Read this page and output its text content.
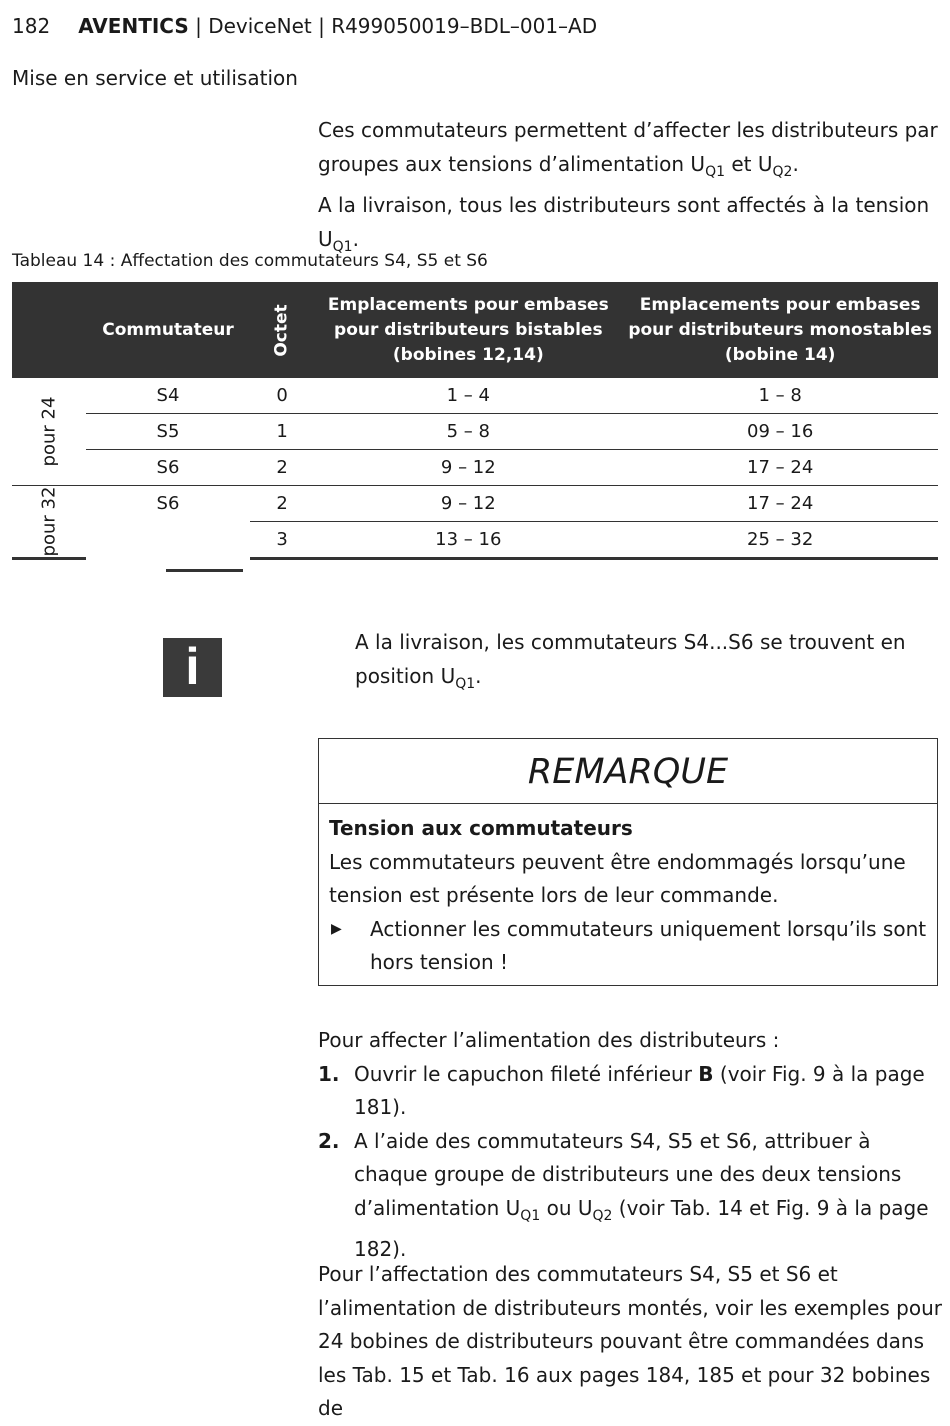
182 AVENTICS | DeviceNet | R499050019–BDL–001–AD
Mise en service et utilisation
Ces commutateurs permettent d’affecter les distributeurs par
groupes aux tensions d’alimentation $U_{Q1}$ et $U_{Q2}$.
A la livraison, tous les distributeurs sont affectés à la tension $U_{Q1}$.
Tableau 14 : Affectation des commutateurs S4, S5 et S6
	Commutateur	Octet	Emplacements pour embases pour distributeurs bistables (bobines 12,14)	Emplacements pour embases pour distributeurs monostables (bobine 14)
pour 24	S4	0	1 – 4	1 – 8
	S5	1	5 – 8	09 – 16
	S6	2	9 – 12	17 – 24
pour 32	S6	2	9 – 12	17 – 24
		3	13 – 16	25 – 32
i	A la livraison, les commutateurs S4...S6 se trouvent en position $U_{Q1}$.
REMARQUE
Tension aux commutateurs
Les commutateurs peuvent être endommagés lorsqu’une tension est présente lors de leur commande.
▶ Actionner les commutateurs uniquement lorsqu’ils sont hors tension !
Pour affecter l’alimentation des distributeurs :
1. Ouvrir le capuchon fileté inférieur B (voir Fig. 9 à la page 181).
2. A l’aide des commutateurs S4, S5 et S6, attribuer à chaque groupe de distributeurs une des deux tensions d’alimentation $U_{Q1}$ ou $U_{Q2}$ (voir Tab. 14 et Fig. 9 à la page 182).
Pour l’affectation des commutateurs S4, S5 et S6 et l’alimentation de distributeurs montés, voir les exemples pour 24 bobines de distributeurs pouvant être commandées dans les Tab. 15 et Tab. 16 aux pages 184, 185 et pour 32 bobines de
